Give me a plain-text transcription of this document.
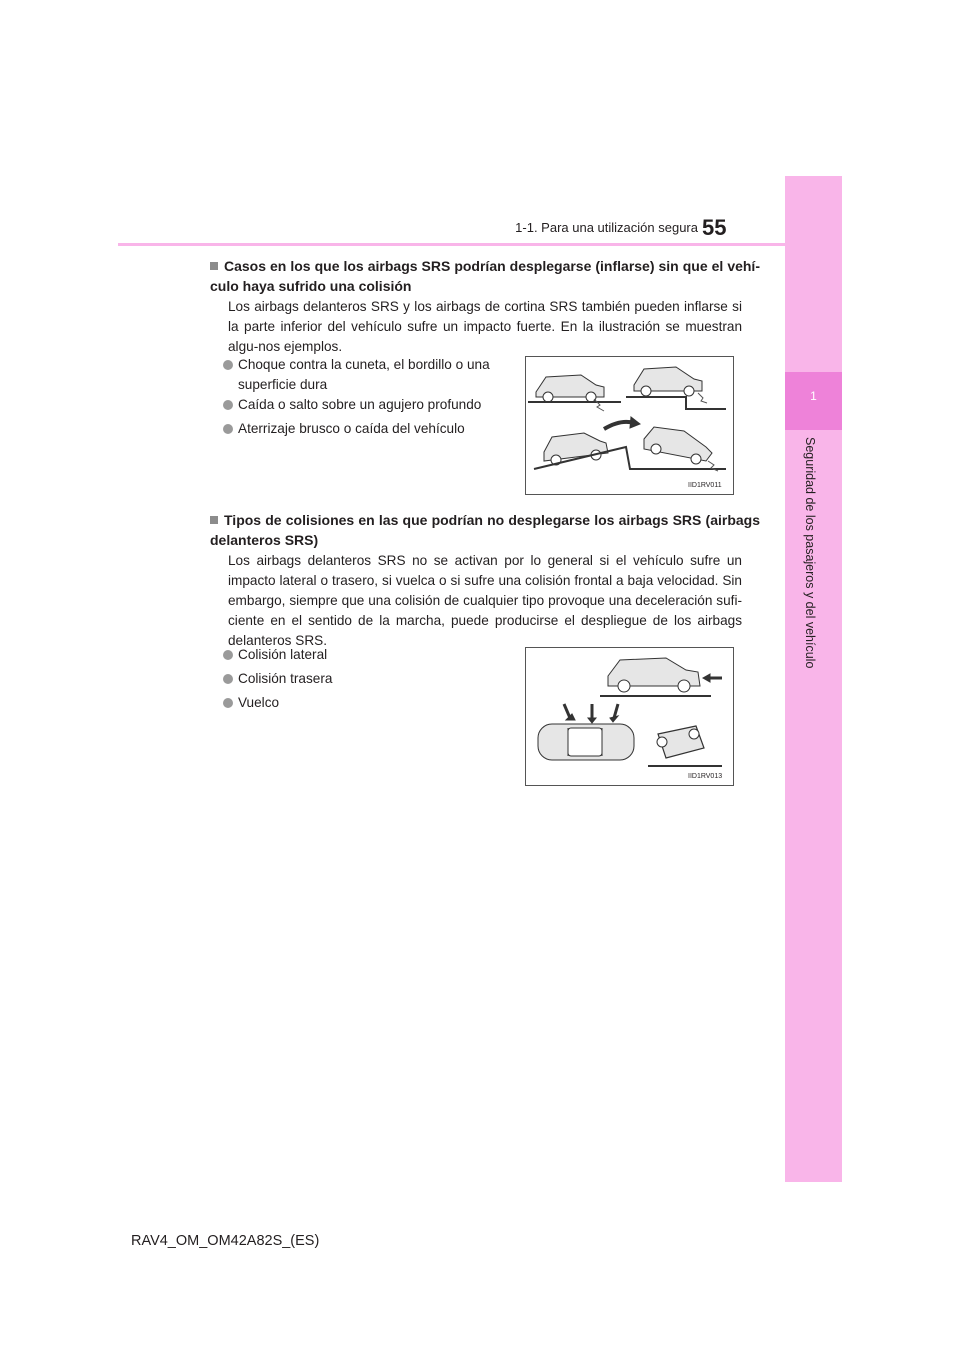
1
Seguridad de los pasajeros y del vehículo
1-1. Para una utilización segura 55
Casos en los que los airbags SRS podrían desplegarse (inflarse) sin que el vehí-culo haya sufrido una colisión
Los airbags delanteros SRS y los airbags de cortina SRS también pueden inflarse si la parte inferior del vehículo sufre un impacto fuerte. En la ilustración se muestran algu-nos ejemplos.
Choque contra la cuneta, el bordillo o una
superficie dura
Caída o salto sobre un agujero profundo
Aterrizaje brusco o caída del vehículo
IID1RV011
Tipos de colisiones en las que podrían no desplegarse los airbags SRS (airbags delanteros SRS)
Los airbags delanteros SRS no se activan por lo general si el vehículo sufre un impacto lateral o trasero, si vuelca o si sufre una colisión frontal a baja velocidad. Sin embargo, siempre que una colisión de cualquier tipo provoque una deceleración sufi-ciente en el sentido de la marcha, puede producirse el despliegue de los airbags delanteros SRS.
Colisión lateral
Colisión trasera
Vuelco
IID1RV013
RAV4_OM_OM42A82S_(ES)
